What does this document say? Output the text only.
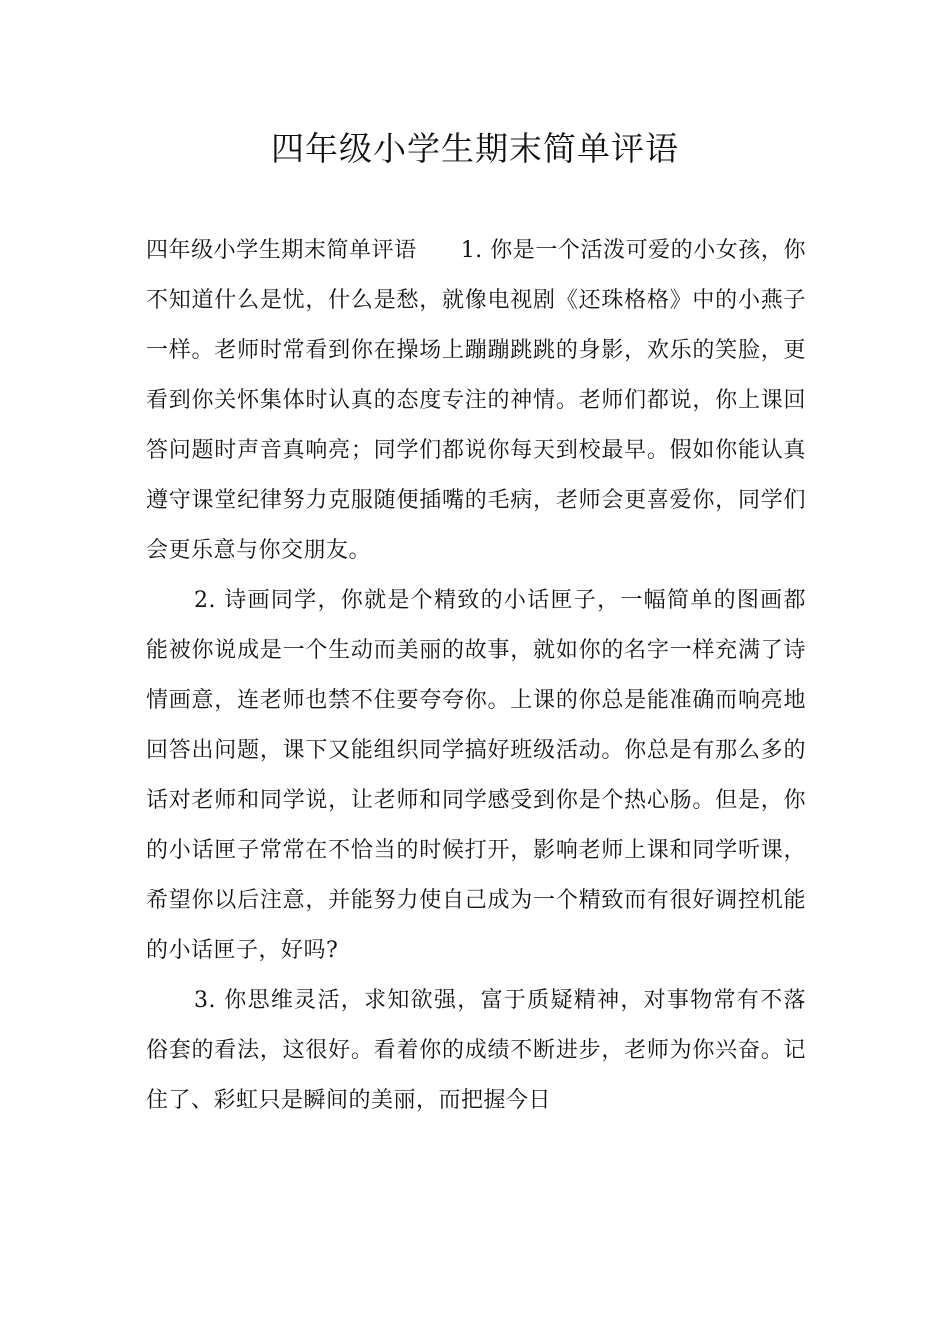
四年级小学生期末简单评语

四年级小学生期末简单评语 1. 你是一个活泼可爱的小女孩，你不知道什么是忧，什么是愁，就像电视剧《还珠格格》中的小燕子一样。老师时常看到你在操场上蹦蹦跳跳的身影，欢乐的笑脸，更看到你关怀集体时认真的态度专注的神情。老师们都说，你上课回答问题时声音真响亮；同学们都说你每天到校最早。假如你能认真遵守课堂纪律努力克服随便插嘴的毛病，老师会更喜爱你，同学们会更乐意与你交朋友。

2. 诗画同学，你就是个精致的小话匣子，一幅简单的图画都能被你说成是一个生动而美丽的故事，就如你的名字一样充满了诗情画意，连老师也禁不住要夸夸你。上课的你总是能准确而响亮地回答出问题，课下又能组织同学搞好班级活动。你总是有那么多的话对老师和同学说，让老师和同学感受到你是个热心肠。但是，你的小话匣子常常在不恰当的时候打开，影响老师上课和同学听课，希望你以后注意，并能努力使自己成为一个精致而有很好调控机能的小话匣子，好吗?

3. 你思维灵活，求知欲强，富于质疑精神，对事物常有不落俗套的看法，这很好。看着你的成绩不断进步，老师为你兴奋。记住了、彩虹只是瞬间的美丽，而把握今日
